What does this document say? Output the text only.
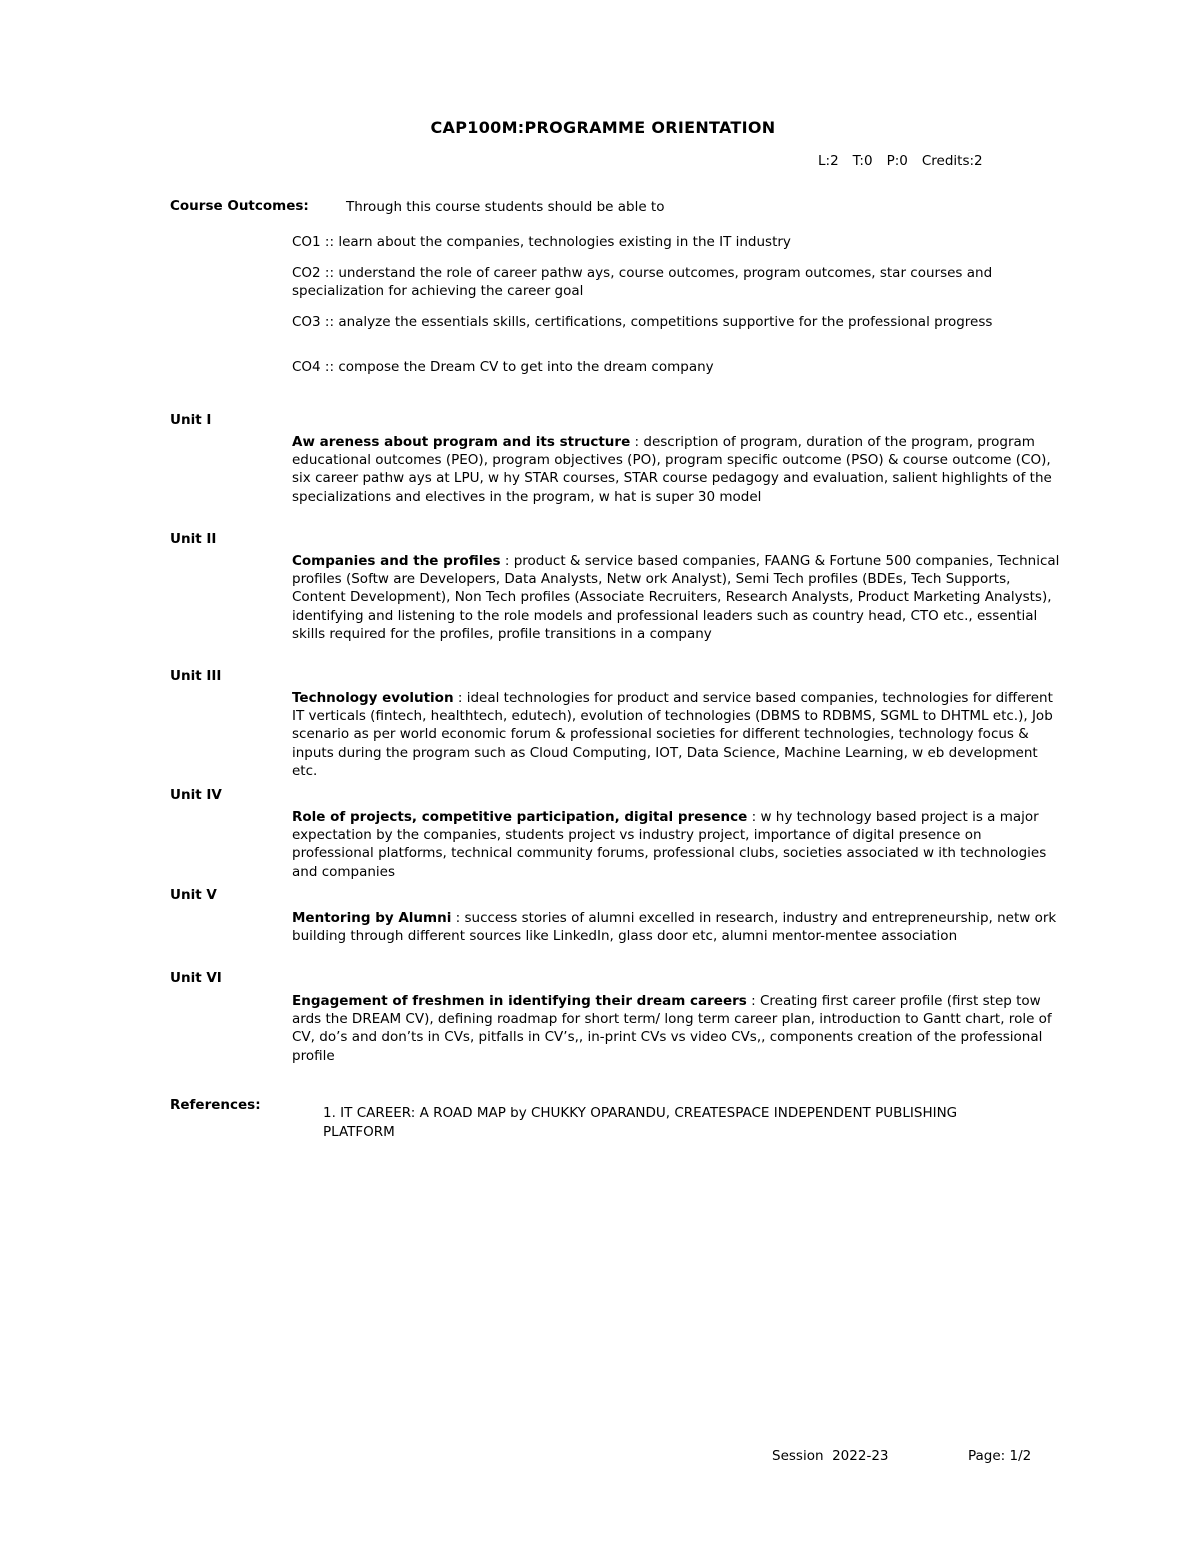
CAP100M:PROGRAMME ORIENTATION
L:2 T:0 P:0 Credits:2
Course Outcomes:	Through this course students should be able to
CO1 :: learn about the companies, technologies existing in the IT industry
CO2 :: understand the role of career pathw ays, course outcomes, program outcomes, star courses and specialization for achieving the career goal
CO3 :: analyze the essentials skills, certifications, competitions supportive for the professional progress
CO4 :: compose the Dream CV to get into the dream company
Unit I
Aw areness about program and its structure : description of program, duration of the program, program educational outcomes (PEO), program objectives (PO), program specific outcome (PSO) & course outcome (CO), six career pathw ays at LPU, w hy STAR courses, STAR course pedagogy and evaluation, salient highlights of the specializations and electives in the program, w hat is super 30 model
Unit II
Companies and the profiles : product & service based companies, FAANG & Fortune 500 companies, Technical profiles (Softw are Developers, Data Analysts, Netw ork Analyst), Semi Tech profiles (BDEs, Tech Supports, Content Development), Non Tech profiles (Associate Recruiters, Research Analysts, Product Marketing Analysts), identifying and listening to the role models and professional leaders such as country head, CTO etc., essential skills required for the profiles, profile transitions in a company
Unit III
Technology evolution : ideal technologies for product and service based companies, technologies for different IT verticals (fintech, healthtech, edutech), evolution of technologies (DBMS to RDBMS, SGML to DHTML etc.), Job scenario as per world economic forum & professional societies for different technologies, technology focus & inputs during the program such as Cloud Computing, IOT, Data Science, Machine Learning, w eb development etc.
Unit IV
Role of projects, competitive participation, digital presence : w hy technology based project is a major expectation by the companies, students project vs industry project, importance of digital presence on professional platforms, technical community forums, professional clubs, societies associated w ith technologies and companies
Unit V
Mentoring by Alumni : success stories of alumni excelled in research, industry and entrepreneurship, netw ork building through different sources like LinkedIn, glass door etc, alumni mentor-mentee association
Unit VI
Engagement of freshmen in identifying their dream careers : Creating first career profile (first step tow ards the DREAM CV), defining roadmap for short term/ long term career plan, introduction to Gantt chart, role of CV, do’s and don’ts in CVs, pitfalls in CV’s,, in-print CVs vs video CVs,, components creation of the professional profile
References:	1. IT CAREER: A ROAD MAP by CHUKKY OPARANDU, CREATESPACE INDEPENDENT PUBLISHING PLATFORM
Session  2022-23	Page: 1/2
